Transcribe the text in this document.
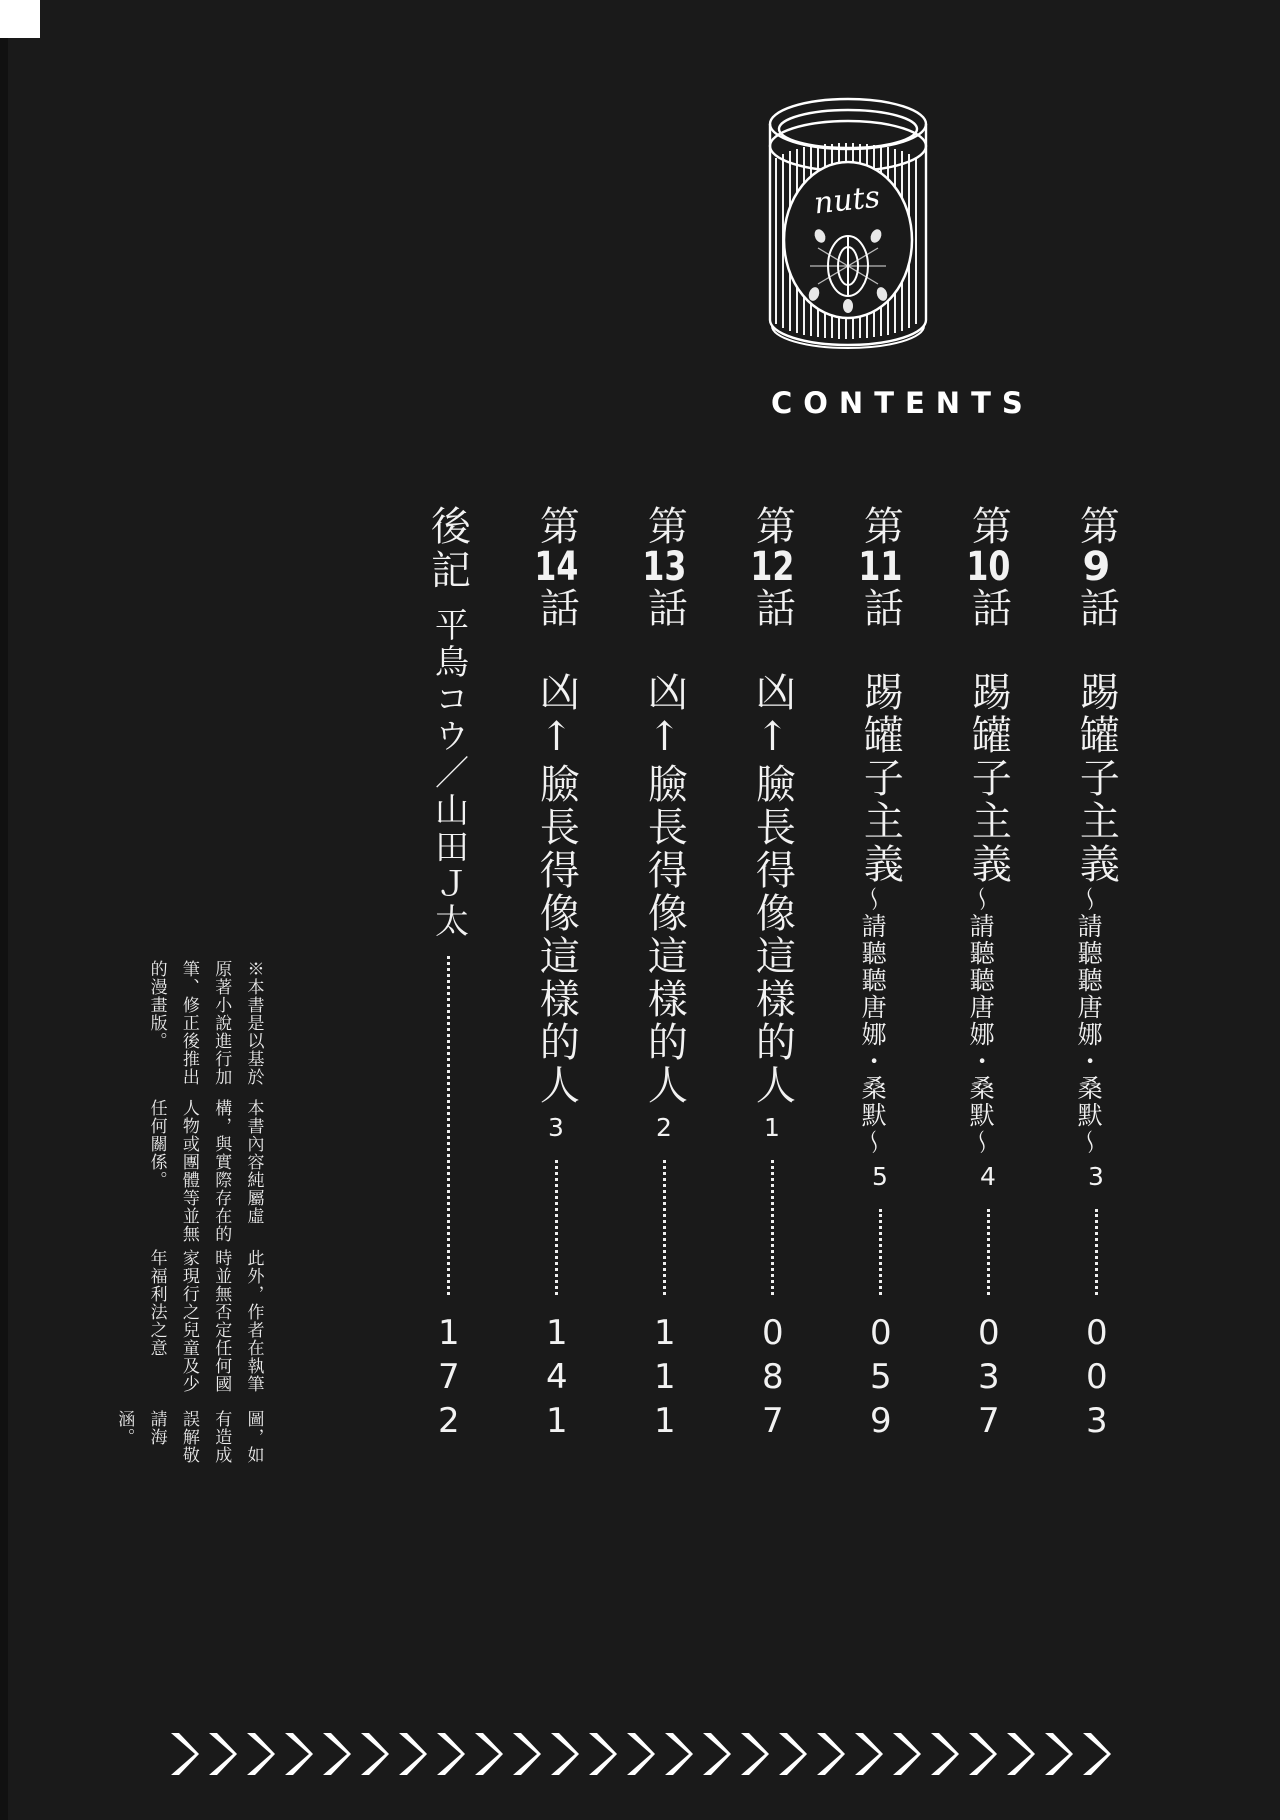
nuts
CONTENTS
第9話　踢罐子主義
～請聽聽唐娜・桑默～
3
003
第10話　踢罐子主義
～請聽聽唐娜・桑默～
4
037
第11話　踢罐子主義
～請聽聽唐娜・桑默～
5
059
第12話　凶↑臉長得像這樣的人
1
087
第13話　凶↑臉長得像這樣的人
2
111
第14話　凶↑臉長得像這樣的人
3
141
後記
平鳥コウ／山田Ｊ太
172

※本書是以基於原著小說進行加筆、修正後推出的漫畫版。

本書內容純屬虛構，與實際存在的人物或團體等並無任何關係。

此外，作者在執筆時並無否定任何國家現行之兒童及少年福利法之意

圖，如有造成誤解敬請海涵。
